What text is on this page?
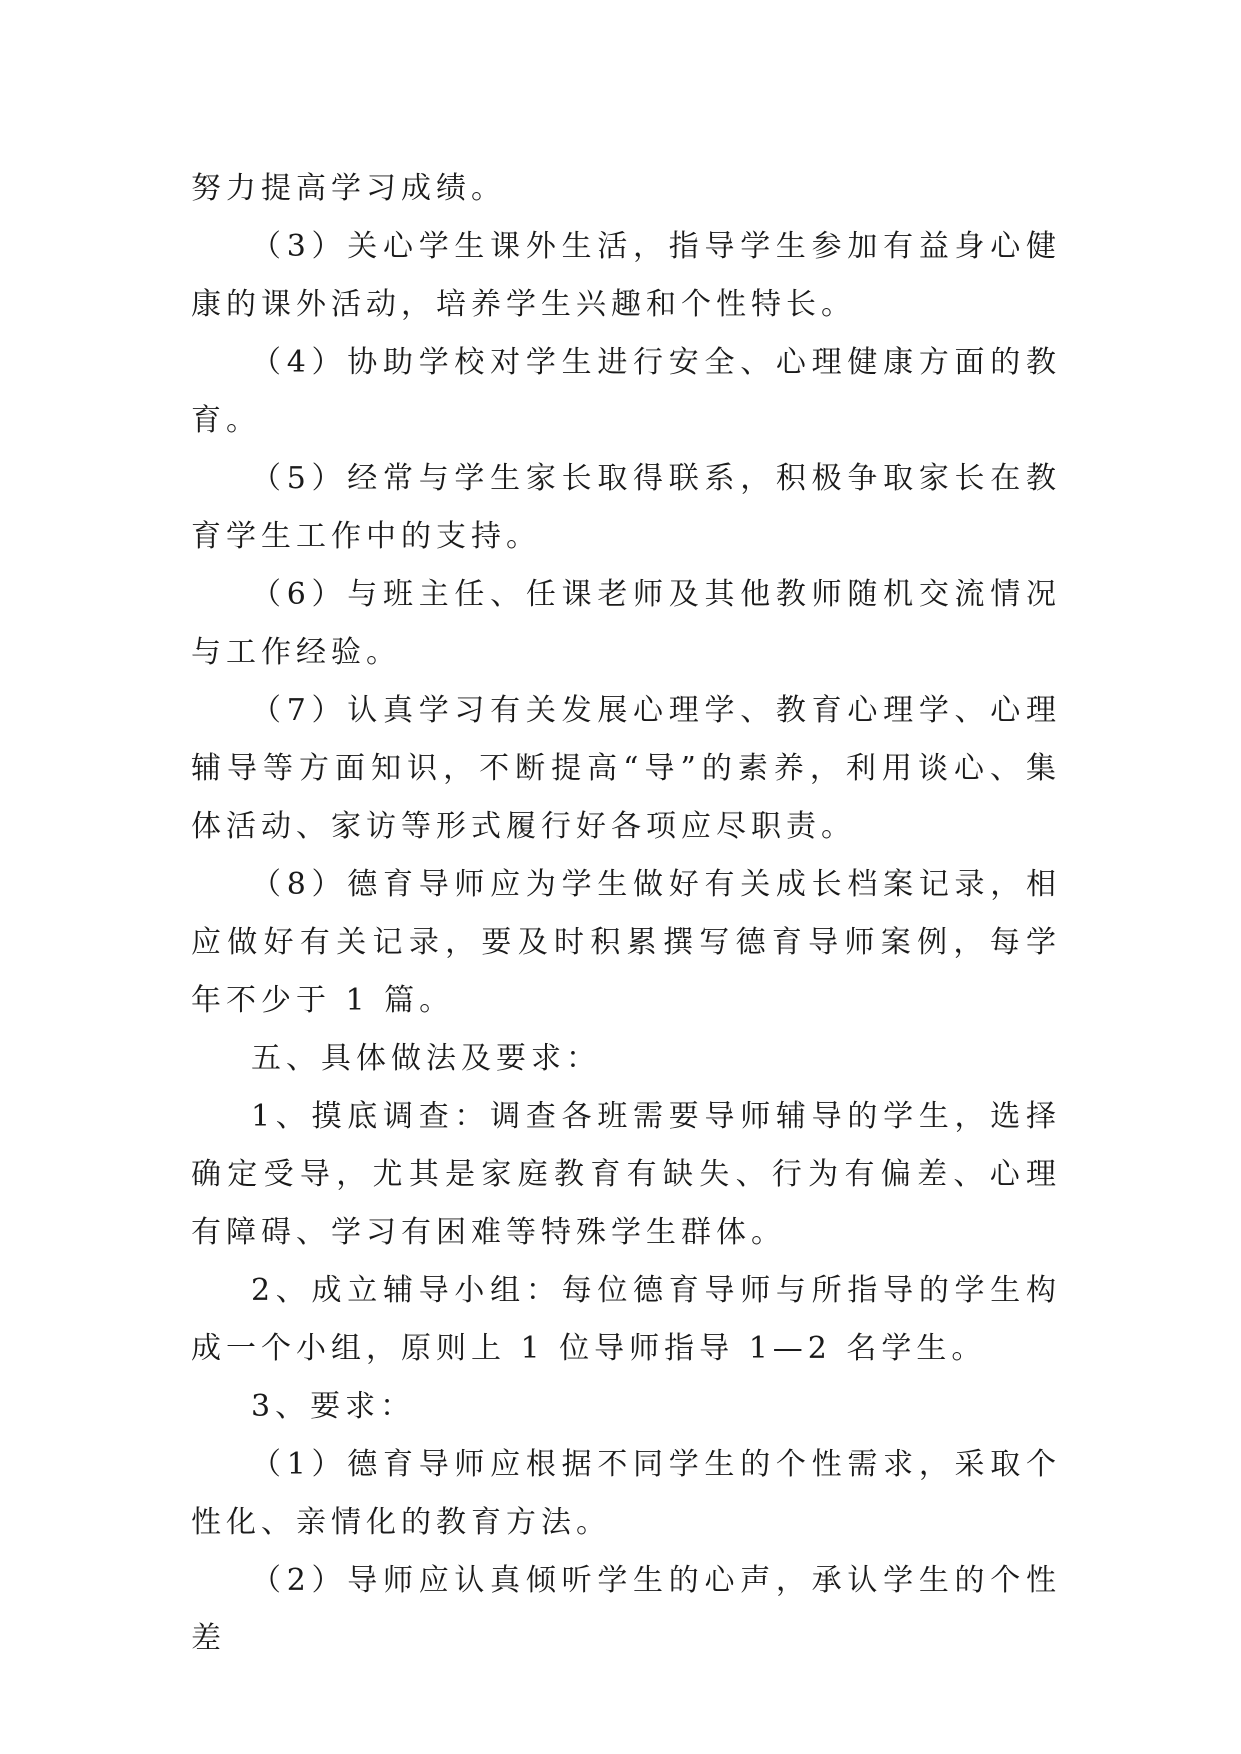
努力提高学习成绩。

（3）关心学生课外生活，指导学生参加有益身心健康的课外活动，培养学生兴趣和个性特长。

（4）协助学校对学生进行安全、心理健康方面的教育。

（5）经常与学生家长取得联系，积极争取家长在教育学生工作中的支持。

（6）与班主任、任课老师及其他教师随机交流情况与工作经验。

（7）认真学习有关发展心理学、教育心理学、心理辅导等方面知识，不断提高“导”的素养，利用谈心、集体活动、家访等形式履行好各项应尽职责。

（8）德育导师应为学生做好有关成长档案记录，相应做好有关记录，要及时积累撰写德育导师案例，每学年不少于 1 篇。

五、具体做法及要求：

1、摸底调查：调查各班需要导师辅导的学生，选择确定受导，尤其是家庭教育有缺失、行为有偏差、心理有障碍、学习有困难等特殊学生群体。

2、成立辅导小组：每位德育导师与所指导的学生构成一个小组，原则上 1 位导师指导 1—2 名学生。

3、要求：

（1）德育导师应根据不同学生的个性需求，采取个性化、亲情化的教育方法。

（2）导师应认真倾听学生的心声，承认学生的个性差
